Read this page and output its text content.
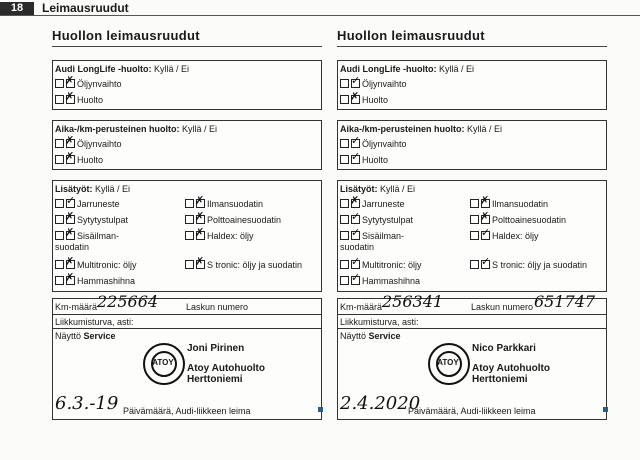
18	Leimausruudut
Huollon leimausruudut
Audi LongLife -huolto: Kyllä / Ei
✗Öljynvaihto
✗Huolto
Aika-/km-perusteinen huolto: Kyllä / Ei
✗Öljynvaihto
✗Huolto
Lisätyöt: Kyllä / Ei
✓Jarruneste
✗Sytytystulpat
✗Sisäilman-
suodatin
✗Multitronic: öljy
✗Hammashihna
✗Ilmansuodatin
✗Polttoainesuodatin
✗Haldex: öljy
✗S tronic: öljy ja suodatin
Km-määrä 225664	Laskun numero
Liikkumisturva, asti:
Näyttö Service
ATOY
Joni Pirinen
Atoy Autohuolto
Herttoniemi
6.3.-19 Päivämäärä, Audi-liikkeen leima
Huollon leimausruudut
Audi LongLife -huolto: Kyllä / Ei
✓Öljynvaihto
✗Huolto
Aika-/km-perusteinen huolto: Kyllä / Ei
✓Öljynvaihto
✓Huolto
Lisätyöt: Kyllä / Ei
✗Jarruneste
✓Sytytystulpat
✓Sisäilman-
suodatin
✓Multitronic: öljy
✓Hammashihna
✗Ilmansuodatin
✗Polttoainesuodatin
✓Haldex: öljy
✓S tronic: öljy ja suodatin
Km-määrä 256341	Laskun numero 651747
Liikkumisturva, asti:
Näyttö Service
ATOY
Nico Parkkari
Atoy Autohuolto
Herttoniemi
2.4.2020
Päivämäärä, Audi-liikkeen leima
